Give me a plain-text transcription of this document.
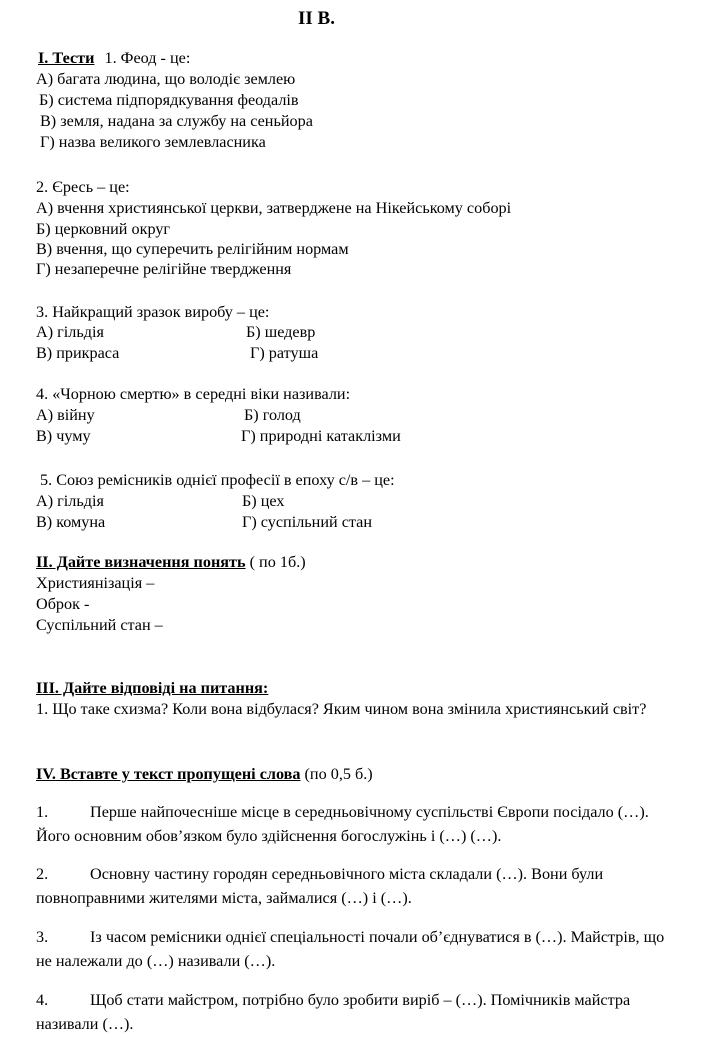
ІІ В.
І. Тести 1. Феод - це:
А) багата людина, що володіє землею
Б) система підпорядкування феодалів
В) земля, надана за службу на сеньйора
Г) назва великого землевласника
2. Єресь – це:
А) вчення християнської церкви, затверджене на Нікейському соборі
Б) церковний округ
В) вчення, що суперечить релігійним нормам
Г) незаперечне релігійне твердження
3. Найкращий зразок виробу – це:
А) гільдія	Б) шедевр
В) прикраса	Г) ратуша
4. «Чорною смертю» в середні віки називали:
А) війну	Б) голод
В) чуму	Г) природні катаклізми
5. Союз ремісників однієї професії в епоху с/в – це:
А) гільдія	Б) цех
В) комуна	Г) суспільний стан
ІІ. Дайте визначення понять ( по 1б.)
Християнізація –
Оброк -
Суспільний стан –
ІІІ. Дайте відповіді на питання:
1. Що таке схизма? Коли вона відбулася? Яким чином вона змінила християнський світ?
IV. Вставте у текст пропущені слова (по 0,5 б.)
1.	Перше найпочесніше місце в середньовічному суспільстві Європи посідало (…).
Його основним обов’язком було здійснення богослужінь і (…) (…).
2.	Основну частину городян середньовічного міста складали (…). Вони були
повноправними жителями міста, займалися (…) і (…).
3.	Із часом ремісники однієї спеціальності почали об’єднуватися в (…). Майстрів, що
не належали до (…) називали (…).
4.	Щоб стати майстром, потрібно було зробити виріб – (…). Помічників майстра
називали (…).
